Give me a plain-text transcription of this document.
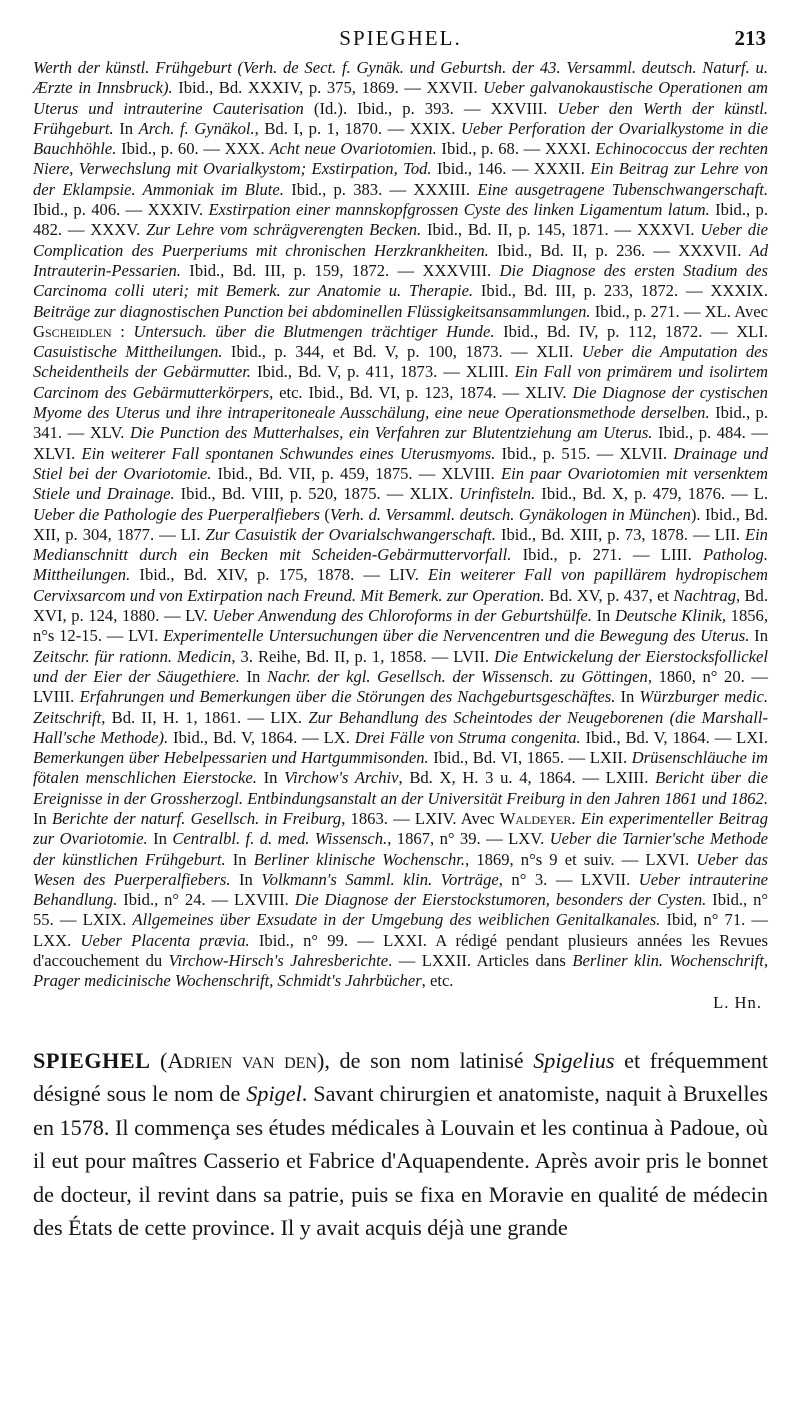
SPIEGHEL.	213

Werth der künstl. Frühgeburt (Verh. de Sect. f. Gynäk. und Geburtsh. der 43. Versamml. deutsch. Naturf. u. Ærzte in Innsbruck). Ibid., Bd. XXXIV, p. 375, 1869. — XXVII. Ueber galvanokaustische Operationen am Uterus und intrauterine Cauterisation (Id.). Ibid., p. 393. — XXVIII. Ueber den Werth der künstl. Frühgeburt. In Arch. f. Gynäkol., Bd. I, p. 1, 1870. — XXIX. Ueber Perforation der Ovarialkystome in die Bauchhöhle. Ibid., p. 60. — XXX. Acht neue Ovariotomien. Ibid., p. 68. — XXXI. Echinococcus der rechten Niere, Verwechslung mit Ovarialkystom; Exstirpation, Tod. Ibid., 146. — XXXII. Ein Beitrag zur Lehre von der Eklampsie. Ammoniak im Blute. Ibid., p. 383. — XXXIII. Eine ausgetragene Tubenschwangerschaft. Ibid., p. 406. — XXXIV. Exstirpation einer mannskopfgrossen Cyste des linken Ligamentum latum. Ibid., p. 482. — XXXV. Zur Lehre vom schrägverengten Becken. Ibid., Bd. II, p. 145, 1871. — XXXVI. Ueber die Complication des Puerperiums mit chronischen Herzkrankheiten. Ibid., Bd. II, p. 236. — XXXVII. Ad Intrauterin-Pessarien. Ibid., Bd. III, p. 159, 1872. — XXXVIII. Die Diagnose des ersten Stadium des Carcinoma colli uteri; mit Bemerk. zur Anatomie u. Therapie. Ibid., Bd. III, p. 233, 1872. — XXXIX. Beiträge zur diagnostischen Punction bei abdominellen Flüssigkeitsansammlungen. Ibid., p. 271. — XL. Avec Gscheidlen : Untersuch. über die Blutmengen trächtiger Hunde. Ibid., Bd. IV, p. 112, 1872. — XLI. Casuistische Mittheilungen. Ibid., p. 344, et Bd. V, p. 100, 1873. — XLII. Ueber die Amputation des Scheidentheils der Gebärmutter. Ibid., Bd. V, p. 411, 1873. — XLIII. Ein Fall von primärem und isolirtem Carcinom des Gebärmutterkörpers, etc. Ibid., Bd. VI, p. 123, 1874. — XLIV. Die Diagnose der cystischen Myome des Uterus und ihre intraperitoneale Ausschälung, eine neue Operationsmethode derselben. Ibid., p. 341. — XLV. Die Punction des Mutterhalses, ein Verfahren zur Blutentziehung am Uterus. Ibid., p. 484. — XLVI. Ein weiterer Fall spontanen Schwundes eines Uterusmyoms. Ibid., p. 515. — XLVII. Drainage und Stiel bei der Ovariotomie. Ibid., Bd. VII, p. 459, 1875. — XLVIII. Ein paar Ovariotomien mit versenktem Stiele und Drainage. Ibid., Bd. VIII, p. 520, 1875. — XLIX. Urinfisteln. Ibid., Bd. X, p. 479, 1876. — L. Ueber die Pathologie des Puerperalfiebers (Verh. d. Versamml. deutsch. Gynäkologen in München). Ibid., Bd. XII, p. 304, 1877. — LI. Zur Casuistik der Ovarialschwangerschaft. Ibid., Bd. XIII, p. 73, 1878. — LII. Ein Medianschnitt durch ein Becken mit Scheiden-Gebärmuttervorfall. Ibid., p. 271. — LIII. Patholog. Mittheilungen. Ibid., Bd. XIV, p. 175, 1878. — LIV. Ein weiterer Fall von papillärem hydropischem Cervixsarcom und von Extirpation nach Freund. Mit Bemerk. zur Operation. Bd. XV, p. 437, et Nachtrag, Bd. XVI, p. 124, 1880. — LV. Ueber Anwendung des Chloroforms in der Geburtshülfe. In Deutsche Klinik, 1856, n°s 12-15. — LVI. Experimentelle Untersuchungen über die Nervencentren und die Bewegung des Uterus. In Zeitschr. für rationn. Medicin, 3. Reihe, Bd. II, p. 1, 1858. — LVII. Die Entwickelung der Eierstocksfollickel und der Eier der Säugethiere. In Nachr. der kgl. Gesellsch. der Wissensch. zu Göttingen, 1860, n° 20. — LVIII. Erfahrungen und Bemerkungen über die Störungen des Nachgeburtsgeschäftes. In Würzburger medic. Zeitschrift, Bd. II, H. 1, 1861. — LIX. Zur Behandlung des Scheintodes der Neugeborenen (die Marshall-Hall'sche Methode). Ibid., Bd. V, 1864. — LX. Drei Fälle von Struma congenita. Ibid., Bd. V, 1864. — LXI. Bemerkungen über Hebelpessarien und Hartgummisonden. Ibid., Bd. VI, 1865. — LXII. Drüsenschläuche im fötalen menschlichen Eierstocke. In Virchow's Archiv, Bd. X, H. 3 u. 4, 1864. — LXIII. Bericht über die Ereignisse in der Grossherzogl. Entbindungsanstalt an der Universität Freiburg in den Jahren 1861 und 1862. In Berichte der naturf. Gesellsch. in Freiburg, 1863. — LXIV. Avec Waldeyer. Ein experimenteller Beitrag zur Ovariotomie. In Centralbl. f. d. med. Wissensch., 1867, n° 39. — LXV. Ueber die Tarnier'sche Methode der künstlichen Frühgeburt. In Berliner klinische Wochenschr., 1869, n°s 9 et suiv. — LXVI. Ueber das Wesen des Puerperalfiebers. In Volkmann's Samml. klin. Vorträge, n° 3. — LXVII. Ueber intrauterine Behandlung. Ibid., n° 24. — LXVIII. Die Diagnose der Eierstockstumoren, besonders der Cysten. Ibid., n° 55. — LXIX. Allgemeines über Exsudate in der Umgebung des weiblichen Genitalkanales. Ibid, n° 71. — LXX. Ueber Placenta prævia. Ibid., n° 99. — LXXI. A rédigé pendant plusieurs années les Revues d'accouchement du Virchow-Hirsch's Jahresberichte. — LXXII. Articles dans Berliner klin. Wochenschrift, Prager medicinische Wochenschrift, Schmidt's Jahrbücher, etc.

L. Hn.

SPIEGHEL (Adrien van den), de son nom latinisé Spigelius et fréquemment désigné sous le nom de Spigel. Savant chirurgien et anatomiste, naquit à Bruxelles en 1578. Il commença ses études médicales à Louvain et les continua à Padoue, où il eut pour maîtres Casserio et Fabrice d'Aquapendente. Après avoir pris le bonnet de docteur, il revint dans sa patrie, puis se fixa en Moravie en qualité de médecin des États de cette province. Il y avait acquis déjà une grande
